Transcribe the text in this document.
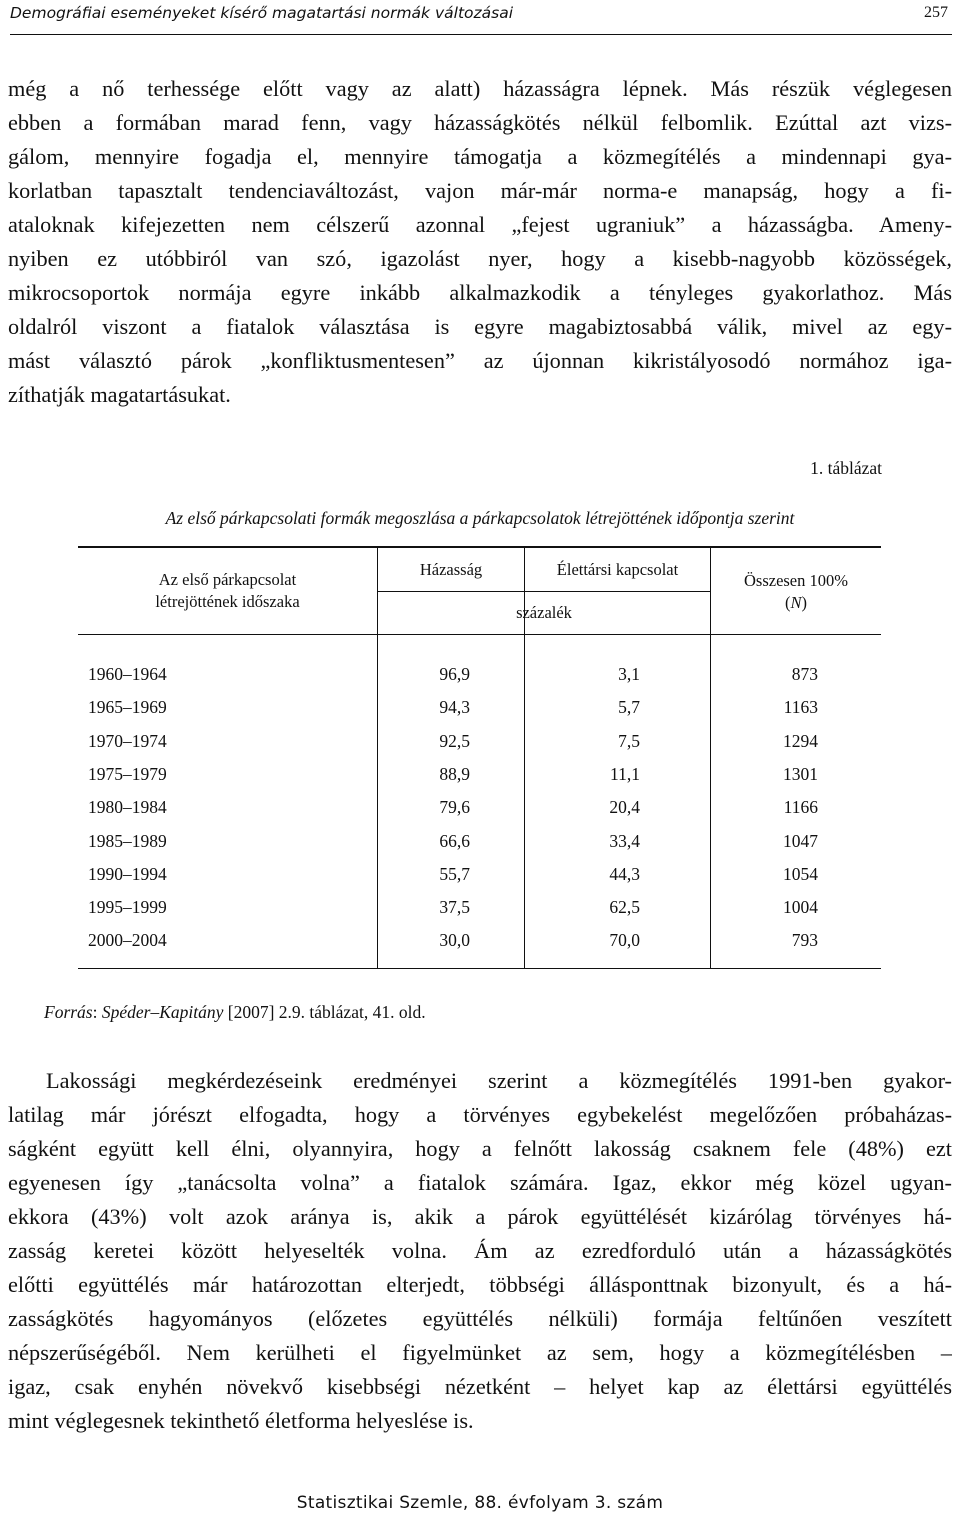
Demográfiai eseményeket kísérő magatartási normák változásai	257
még a nő terhessége előtt vagy az alatt) házasságra lépnek. Más részük véglegesen
ebben a formában marad fenn, vagy házasságkötés nélkül felbomlik. Ezúttal azt vizs-
gálom, mennyire fogadja el, mennyire támogatja a közmegítélés a mindennapi gya-
korlatban tapasztalt tendenciaváltozást, vajon már-már norma-e manapság, hogy a fi-
ataloknak kifejezetten nem célszerű azonnal „fejest ugraniuk” a házasságba. Ameny-
nyiben ez utóbbiról van szó, igazolást nyer, hogy a kisebb-nagyobb közösségek,
mikrocsoportok normája egyre inkább alkalmazkodik a tényleges gyakorlathoz. Más
oldalról viszont a fiatalok választása is egyre magabiztosabbá válik, mivel az egy-
mást választó párok „konfliktusmentesen” az újonnan kikristályosodó normához iga-
zíthatják magatartásukat.
1. táblázat
Az első párkapcsolati formák megoszlása a párkapcsolatok létrejöttének időpontja szerint
Az első párkapcsolat
létrejöttének időszaka
Házasság	Élettársi kapcsolat
százalék
Összesen 100%
(N)
1960–1964	96,9	3,1	873
1965–1969	94,3	5,7	1163
1970–1974	92,5	7,5	1294
1975–1979	88,9	11,1	1301
1980–1984	79,6	20,4	1166
1985–1989	66,6	33,4	1047
1990–1994	55,7	44,3	1054
1995–1999	37,5	62,5	1004
2000–2004	30,0	70,0	793
Forrás: Spéder–Kapitány [2007] 2.9. táblázat, 41. old.
Lakossági megkérdezéseink eredményei szerint a közmegítélés 1991-ben gyakor-
latilag már jórészt elfogadta, hogy a törvényes egybekelést megelőzően próbaházas-
ságként együtt kell élni, olyannyira, hogy a felnőtt lakosság csaknem fele (48%) ezt
egyenesen így „tanácsolta volna” a fiatalok számára. Igaz, ekkor még közel ugyan-
ekkora (43%) volt azok aránya is, akik a párok együttélését kizárólag törvényes há-
zasság keretei között helyeselték volna. Ám az ezredforduló után a házasságkötés
előtti együttélés már határozottan elterjedt, többségi állásponttnak bizonyult, és a há-
zasságkötés hagyományos (előzetes együttélés nélküli) formája feltűnően veszített
népszerűségéből. Nem kerülheti el figyelmünket az sem, hogy a közmegítélésben –
igaz, csak enyhén növekvő kisebbségi nézetként – helyet kap az élettársi együttélés
mint véglegesnek tekinthető életforma helyeslése is.
Statisztikai Szemle, 88. évfolyam 3. szám
